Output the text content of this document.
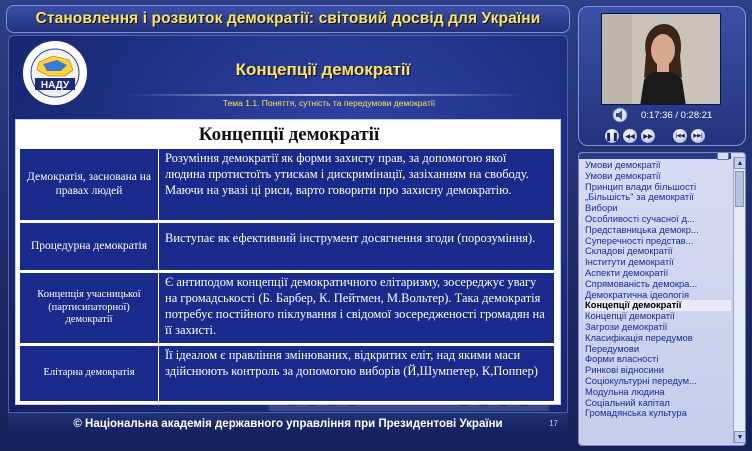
Становлення і розвиток демократії: світовий досвід для України
НАДУ
Концепції демократії
Тема 1.1. Поняття, сутність та передумови демократії
Концепції демократії
Демократія, заснована на правах людей
Розуміння демократії як форми захисту прав, за допомогою якої людина протистоїть утискам і дискримінації, зазіханням на свободу. Маючи на увазі ці риси, варто говорити про захисну демократію.
Процедурна демократія
Виступає як ефективний інструмент досягнення згоди (порозуміння).
Концепція учасницької (партисипаторної) демократії
Є антиподом концепції демократичного елітаризму, зосереджує увагу на громадськості (Б. Барбер, К. Пейтмен, М.Вольтер). Така демократія потребує постійного піклування і свідомої зосередженості громадян на її захисті.
Елітарна демократія
Її ідеалом є правління змінюваних, відкритих еліт, над якими маси здійснюють контроль за допомогою виборів (Й,Шумпетер, К,Поппер)
© Національна академія державного управління при Президентові України	17
0:17:36 / 0:28:21
❚❚ ◀◀ ▶▶	|◀◀ ▶▶|
Умови демократії
Умови демократії
Принцип влади більшості
„Більшість" за демократії
Вибори
Особливості сучасної д...
Представницька демокр...
Суперечності представ...
Складові демократії
Інститути демократії
Аспекти демократії
Спрямованість демокра...
Демократична ідеологія
Концепції демократії
Концепції демократії
Загрози демократії
Класифікація передумов
Передумови
Форми власності
Ринкові відносини
Соціокультурні передум...
Модульна людина
Соціальний капітал
Громадянська культура
▲
▼
